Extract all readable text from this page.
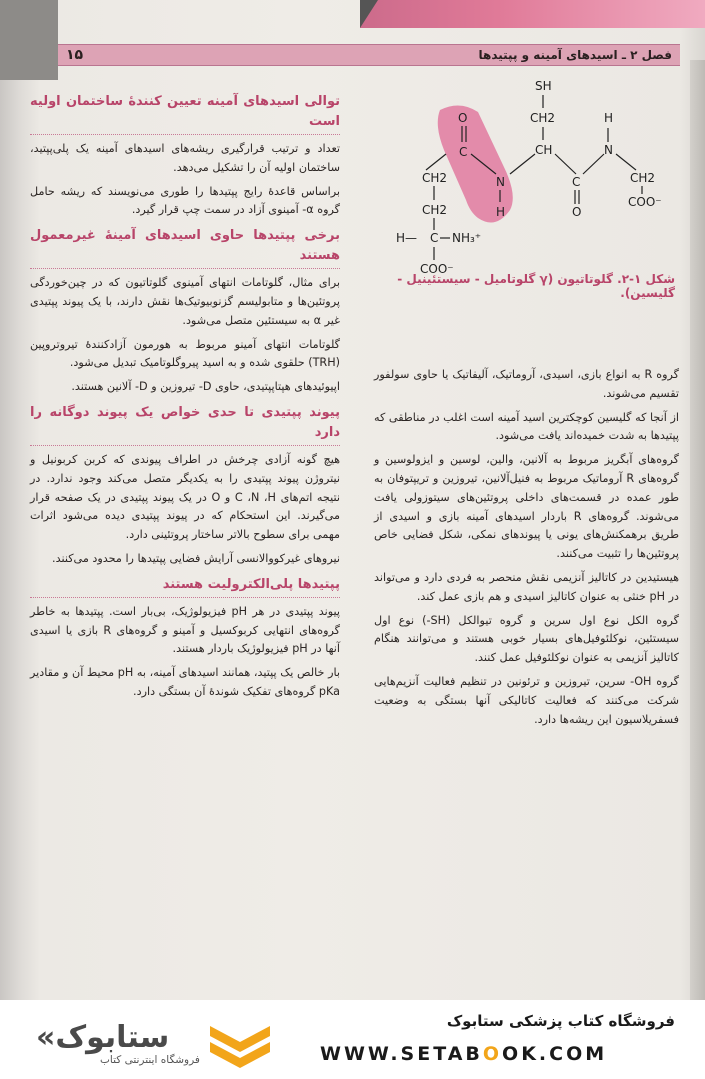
فصل ۲ ـ اسیدهای آمینه و پپتیدها
۱۵
توالی اسیدهای آمینه تعیین کنندهٔ ساختمان اولیه است

تعداد و ترتیب قرارگیری ریشه‌های اسیدهای آمینه یک پلی‌پپتید، ساختمان اولیه آن را تشکیل می‌دهد.

براساس قاعدهٔ رایج پپتیدها را طوری می‌نویسند که ریشه حامل گروه α- آمینوی آزاد در سمت چپ قرار گیرد.

برخی پپتیدها حاوی اسیدهای آمینهٔ غیرمعمول هستند

برای مثال، گلوتامات انتهای آمینوی گلوتاتیون که در چین‌خوردگی پروتئین‌ها و متابولیسم گزنوبیوتیک‌ها نقش دارند، با یک پیوند پپتیدی غیر α به سیستئین متصل می‌شود.

گلوتامات انتهای آمینو مربوط به هورمون آزادکنندهٔ تیروتروپین (TRH) حلقوی شده و به اسید پیروگلوتامیک تبدیل می‌شود.

اپیوئیدهای هپتاپپتیدی، حاوی D- تیروزین و D- آلانین هستند.

پیوند پپتیدی تا حدی خواص یک پیوند دوگانه را دارد

هیچ گونه آزادی چرخش در اطراف پیوندی که کربن کربونیل و نیتروژن پیوند پپتیدی را به یکدیگر متصل می‌کند وجود ندارد. در نتیجه اتم‌های C ،N ،H و O در یک پیوند پپتیدی در یک صفحه قرار می‌گیرند. این استحکام که در پیوند پپتیدی دیده می‌شود اثرات مهمی برای سطوح بالاتر ساختار پروتئینی دارد.

نیروهای غیرکووالانسی آرایش فضایی پپتیدها را محدود می‌کنند.

پپتیدها پلی‌الکترولیت هستند

پیوند پپتیدی در هر pH فیزیولوژیک، بی‌بار است. پپتیدها به خاطر گروه‌های انتهایی کربوکسیل و آمینو و گروه‌های R بازی یا اسیدی آنها در pH فیزیولوژیک باردار هستند.

بار خالص یک پپتید، همانند اسیدهای آمینه، به pH محیط آن و مقادیر pKa گروه‌های تفکیک شوندهٔ آن بستگی دارد.

SH
CH2
CH
O
C
N
H
C
O
N
H
CH2
COO⁻
CH2
CH2
H— C NH₃⁺
COO⁻
شکل ۱-۲. گلوتاتیون (γ گلوتامیل - سیستئینیل - گلیسین).

گروه R به انواع بازی، اسیدی، آروماتیک، آلیفاتیک یا حاوی سولفور تقسیم می‌شوند.

از آنجا که گلیسین کوچکترین اسید آمینه است اغلب در مناطقی که پپتیدها به شدت خمیده‌اند یافت می‌شود.

گروه‌های آبگریز مربوط به آلانین، والین، لوسین و ایزولوسین و گروه‌های R آروماتیک مربوط به فنیل‌آلانین، تیروزین و تریپتوفان به طور عمده در قسمت‌های داخلی پروتئین‌های سیتوزولی یافت می‌شوند. گروه‌های R باردار اسیدهای آمینه بازی و اسیدی از طریق برهمکنش‌های یونی یا پیوندهای نمکی، شکل فضایی خاص پروتئین‌ها را تثبیت می‌کنند.

هیستیدین در کاتالیز آنزیمی نقش منحصر به فردی دارد و می‌تواند در pH خنثی به عنوان کاتالیز اسیدی و هم بازی عمل کند.

گروه الکل نوع اول سرین و گروه تیوالکل (SH-) نوع اول سیستئین، نوکلئوفیل‌های بسیار خوبی هستند و می‌توانند هنگام کاتالیز آنزیمی به عنوان نوکلئوفیل عمل کنند.

گروه OH- سرین، تیروزین و ترئونین در تنظیم فعالیت آنزیم‌هایی شرکت می‌کنند که فعالیت کاتالیکی آنها بستگی به وضعیت فسفریلاسیون این ریشه‌ها دارد.

فروشگاه کتاب پزشکی ستابوک
WWW.SETABOOK.COM
«ستابوک
فروشگاه اینترنتی کتاب
